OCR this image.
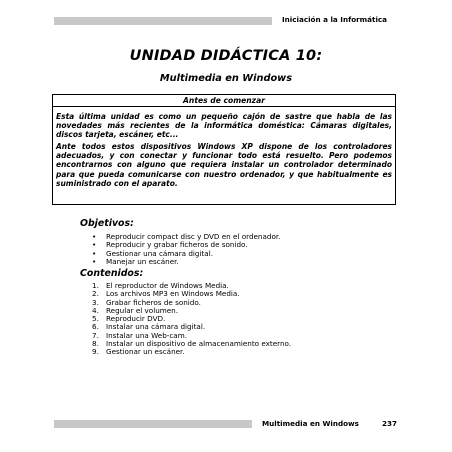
Iniciación a la Informática
UNIDAD DIDÁCTICA 10:
Multimedia en Windows
Antes de comenzar
Esta última unidad es como un pequeño cajón de sastre que habla de las novedades más recientes de la informática doméstica: Cámaras digitales, discos tarjeta, escáner, etc...
Ante todos estos dispositivos Windows XP dispone de los controladores adecuados, y con conectar y funcionar todo está resuelto. Pero podemos encontrarnos con alguno que requiera instalar un controlador determinado para que pueda comunicarse con nuestro ordenador, y que habitualmente es suministrado con el aparato.
Objetivos:
• Reproducir compact disc y DVD en el ordenador.
• Reproducir y grabar ficheros de sonido.
• Gestionar una cámara digital.
• Manejar un escáner.
Contenidos:
1. El reproductor de Windows Media.
2. Los archivos MP3 en Windows Media.
3. Grabar ficheros de sonido.
4. Regular el volumen.
5. Reproducir DVD.
6. Instalar una cámara digital.
7. Instalar una Web-cam.
8. Instalar un dispositivo de almacenamiento externo.
9. Gestionar un escáner.
Multimedia en Windows	237
